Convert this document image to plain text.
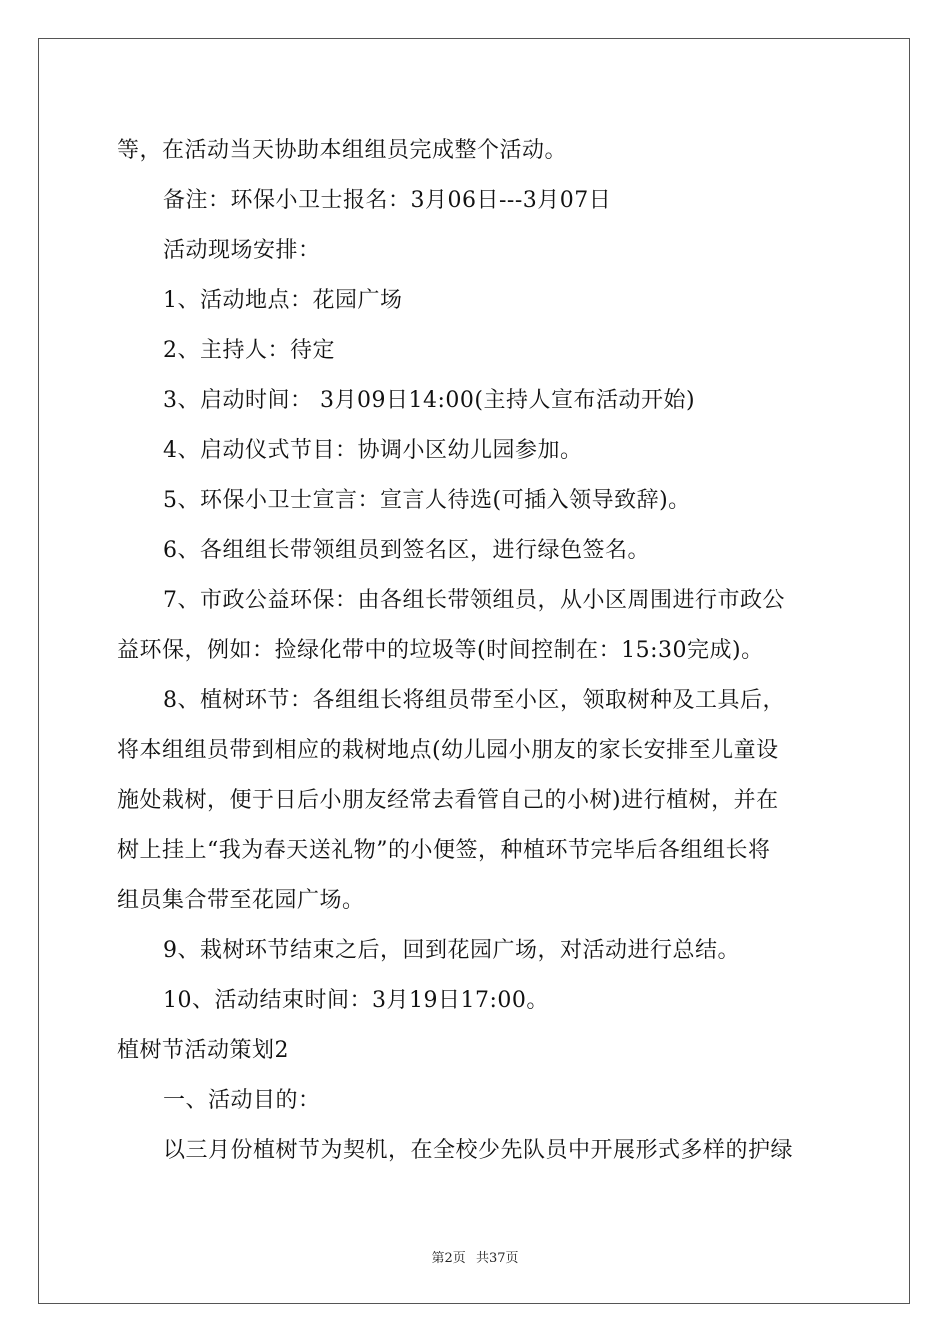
等，在活动当天协助本组组员完成整个活动。
备注：环保小卫士报名：3月06日---3月07日
活动现场安排：
1、活动地点：花园广场
2、主持人：待定
3、启动时间： 3月09日14:00(主持人宣布活动开始)
4、启动仪式节目：协调小区幼儿园参加。
5、环保小卫士宣言：宣言人待选(可插入领导致辞)。
6、各组组长带领组员到签名区，进行绿色签名。
7、市政公益环保：由各组长带领组员，从小区周围进行市政公
益环保，例如：捡绿化带中的垃圾等(时间控制在：15:30完成)。
8、植树环节：各组组长将组员带至小区，领取树种及工具后，
将本组组员带到相应的栽树地点(幼儿园小朋友的家长安排至儿童设
施处栽树，便于日后小朋友经常去看管自己的小树)进行植树，并在
树上挂上“我为春天送礼物”的小便签，种植环节完毕后各组组长将
组员集合带至花园广场。
9、栽树环节结束之后，回到花园广场，对活动进行总结。
10、活动结束时间：3月19日17:00。
植树节活动策划2
一、活动目的：
以三月份植树节为契机，在全校少先队员中开展形式多样的护绿
第2页 共37页
